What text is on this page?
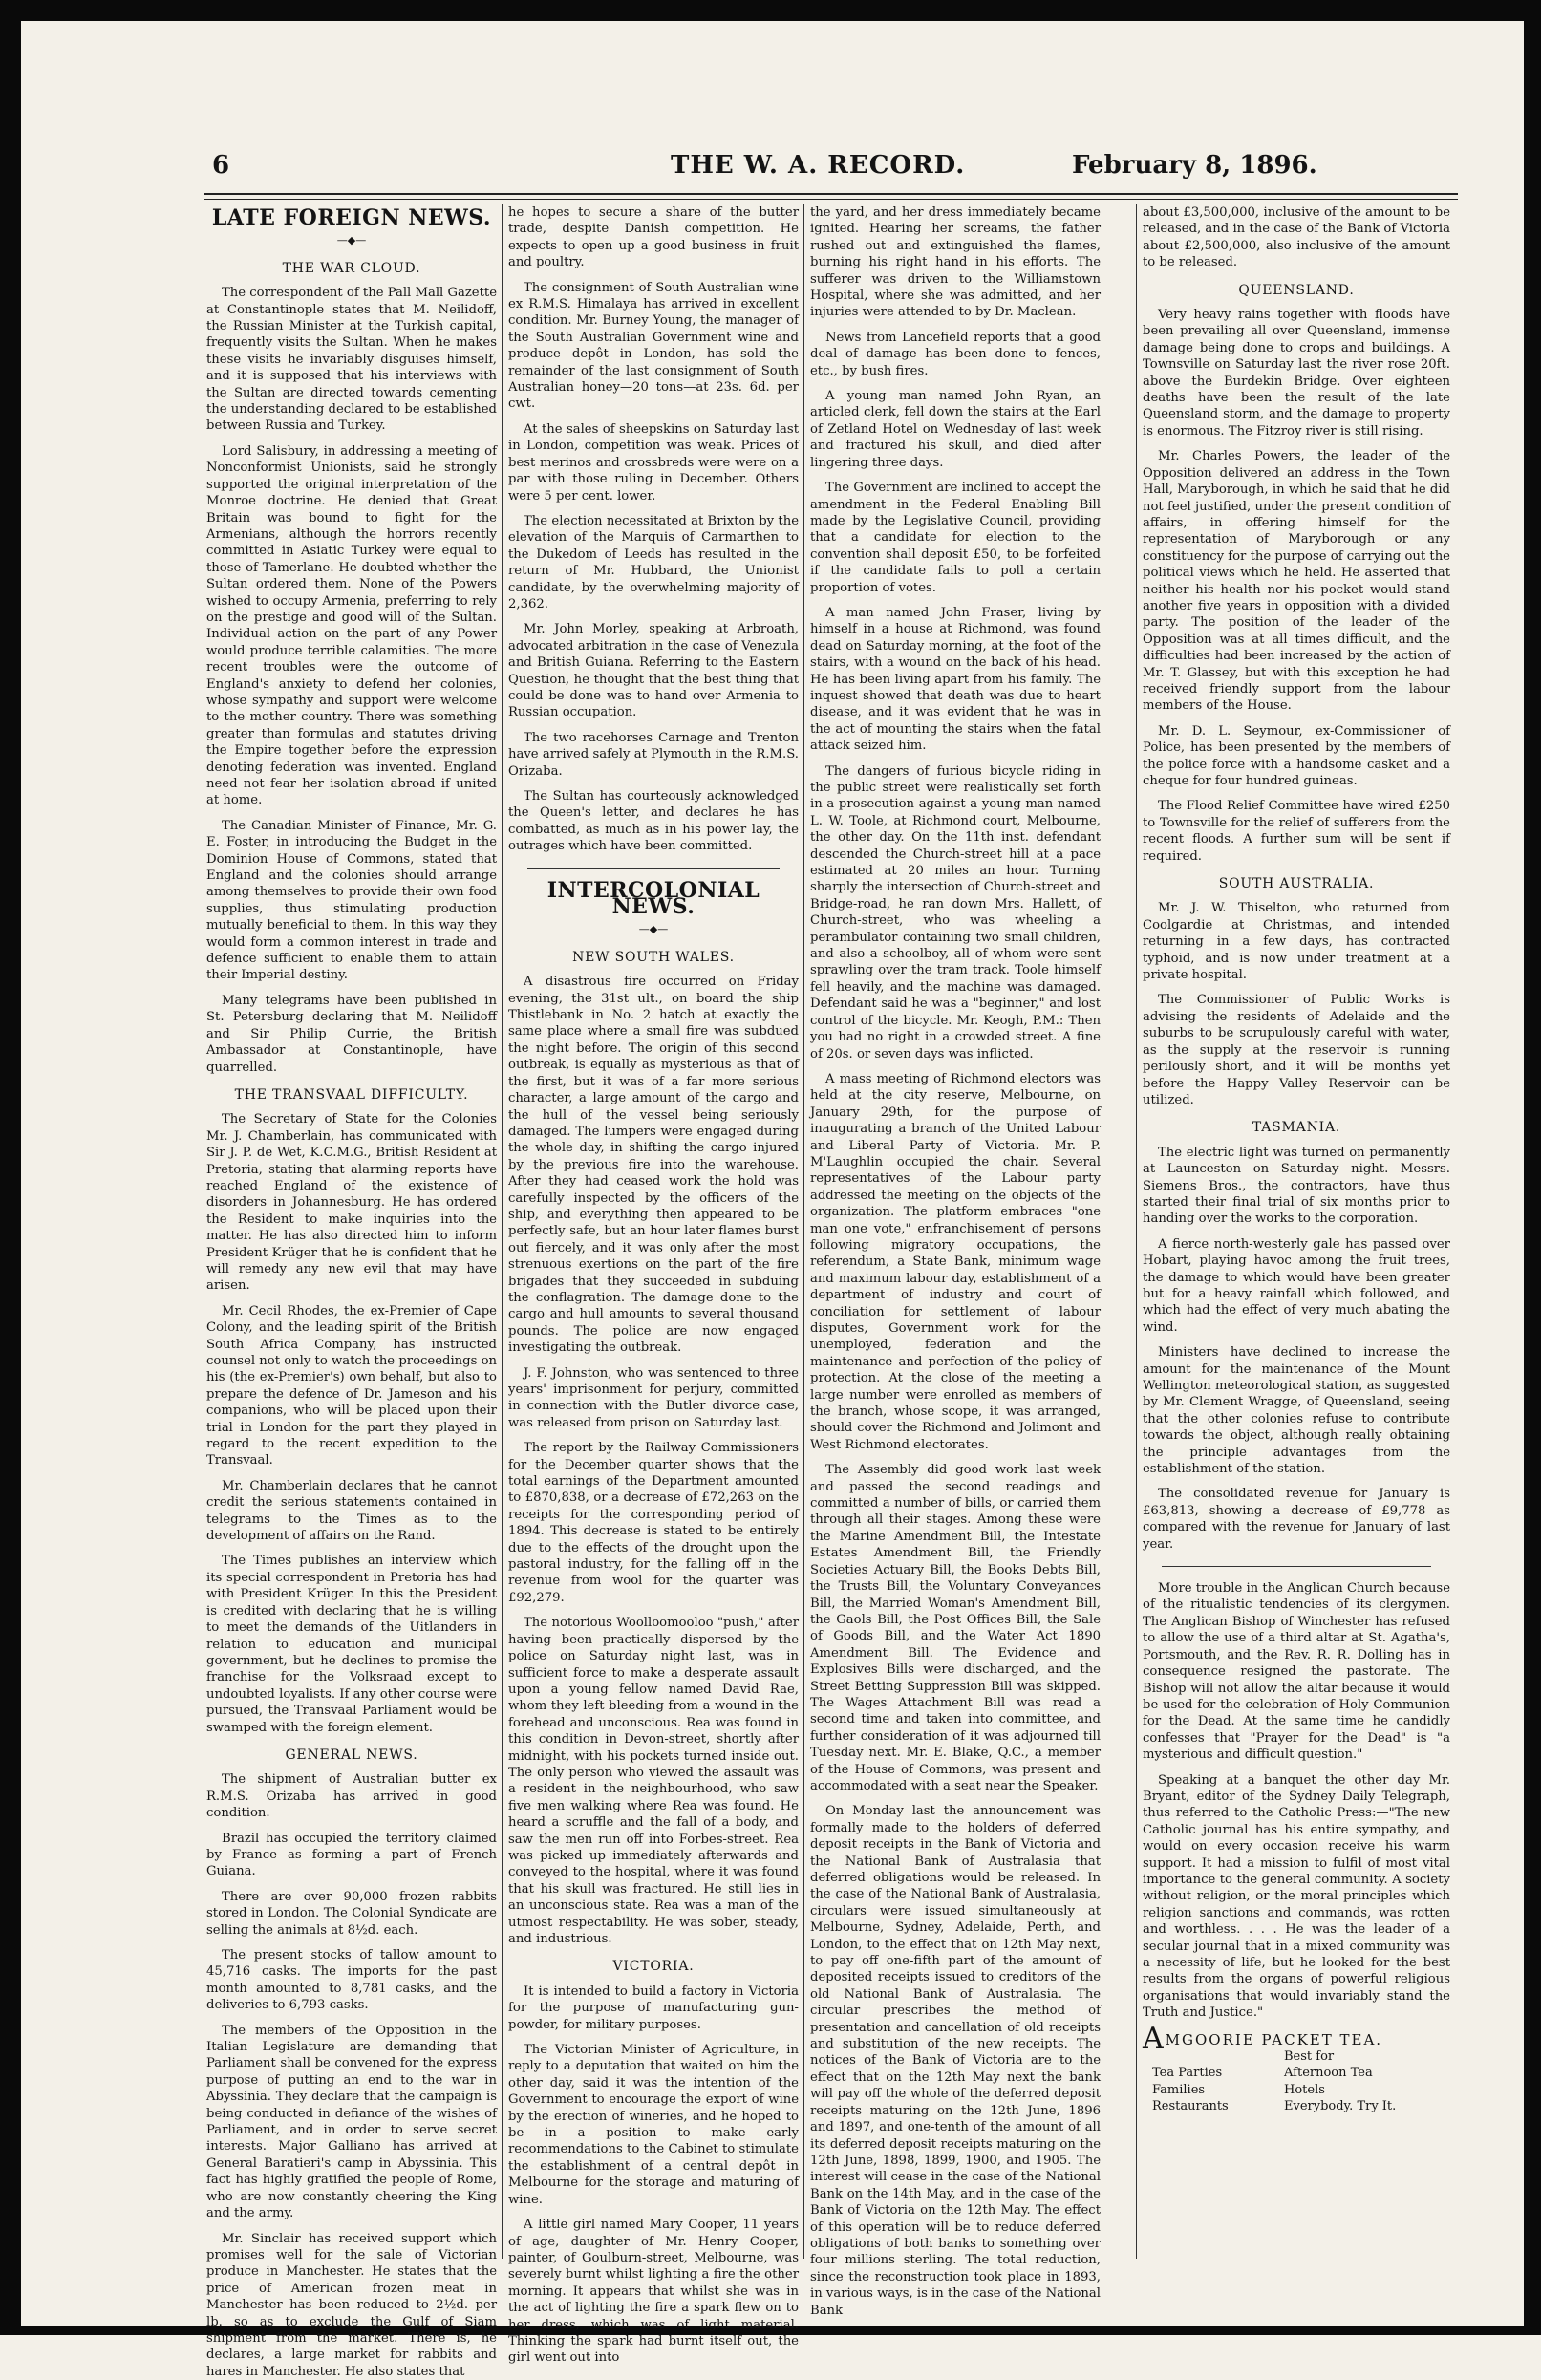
6	THE W. A. RECORD.	February 8, 1896.
LATE FOREIGN NEWS.
—◆—
THE WAR CLOUD.

The correspondent of the Pall Mall Gazette at Constantinople states that M. Neilidoff, the Russian Minister at the Turkish capital, frequently visits the Sultan. When he makes these visits he invariably disguises himself, and it is supposed that his interviews with the Sultan are directed towards cementing the understanding declared to be established between Russia and Turkey.

Lord Salisbury, in addressing a meeting of Nonconformist Unionists, said he strongly supported the original interpretation of the Monroe doctrine. He denied that Great Britain was bound to fight for the Armenians, although the horrors recently committed in Asiatic Turkey were equal to those of Tamerlane. He doubted whether the Sultan ordered them. None of the Powers wished to occupy Armenia, preferring to rely on the prestige and good will of the Sultan. Individual action on the part of any Power would produce terrible calamities. The more recent troubles were the outcome of England's anxiety to defend her colonies, whose sympathy and support were welcome to the mother country. There was something greater than formulas and statutes driving the Empire together before the expression denoting federation was invented. England need not fear her isolation abroad if united at home.

The Canadian Minister of Finance, Mr. G. E. Foster, in introducing the Budget in the Dominion House of Commons, stated that England and the colonies should arrange among themselves to provide their own food supplies, thus stimulating production mutually beneficial to them. In this way they would form a common interest in trade and defence sufficient to enable them to attain their Imperial destiny.

Many telegrams have been published in St. Petersburg declaring that M. Neilidoff and Sir Philip Currie, the British Ambassador at Constantinople, have quarrelled.

THE TRANSVAAL DIFFICULTY.

The Secretary of State for the Colonies Mr. J. Chamberlain, has communicated with Sir J. P. de Wet, K.C.M.G., British Resident at Pretoria, stating that alarming reports have reached England of the existence of disorders in Johannesburg. He has ordered the Resident to make inquiries into the matter. He has also directed him to inform President Krüger that he is confident that he will remedy any new evil that may have arisen.

Mr. Cecil Rhodes, the ex-Premier of Cape Colony, and the leading spirit of the British South Africa Company, has instructed counsel not only to watch the proceedings on his (the ex-Premier's) own behalf, but also to prepare the defence of Dr. Jameson and his companions, who will be placed upon their trial in London for the part they played in regard to the recent expedition to the Transvaal.

Mr. Chamberlain declares that he cannot credit the serious statements contained in telegrams to the Times as to the development of affairs on the Rand.

The Times publishes an interview which its special correspondent in Pretoria has had with President Krüger. In this the President is credited with declaring that he is willing to meet the demands of the Uitlanders in relation to education and municipal government, but he declines to promise the franchise for the Volksraad except to undoubted loyalists. If any other course were pursued, the Transvaal Parliament would be swamped with the foreign element.

GENERAL NEWS.

The shipment of Australian butter ex R.M.S. Orizaba has arrived in good condition.

Brazil has occupied the territory claimed by France as forming a part of French Guiana.

There are over 90,000 frozen rabbits stored in London. The Colonial Syndicate are selling the animals at 8½d. each.

The present stocks of tallow amount to 45,716 casks. The imports for the past month amounted to 8,781 casks, and the deliveries to 6,793 casks.

The members of the Opposition in the Italian Legislature are demanding that Parliament shall be convened for the express purpose of putting an end to the war in Abyssinia. They declare that the campaign is being conducted in defiance of the wishes of Parliament, and in order to serve secret interests. Major Galliano has arrived at General Baratieri's camp in Abyssinia. This fact has highly gratified the people of Rome, who are now constantly cheering the King and the army.

Mr. Sinclair has received support which promises well for the sale of Victorian produce in Manchester. He states that the price of American frozen meat in Manchester has been reduced to 2½d. per lb. so as to exclude the Gulf of Siam shipment from the market. There is, he declares, a large market for rabbits and hares in Manchester. He also states that

he hopes to secure a share of the butter trade, despite Danish competition. He expects to open up a good business in fruit and poultry.

The consignment of South Australian wine ex R.M.S. Himalaya has arrived in excellent condition. Mr. Burney Young, the manager of the South Australian Government wine and produce depôt in London, has sold the remainder of the last consignment of South Australian honey—20 tons—at 23s. 6d. per cwt.

At the sales of sheepskins on Saturday last in London, competition was weak. Prices of best merinos and crossbreds were were on a par with those ruling in December. Others were 5 per cent. lower.

The election necessitated at Brixton by the elevation of the Marquis of Carmarthen to the Dukedom of Leeds has resulted in the return of Mr. Hubbard, the Unionist candidate, by the overwhelming majority of 2,362.

Mr. John Morley, speaking at Arbroath, advocated arbitration in the case of Venezula and British Guiana. Referring to the Eastern Question, he thought that the best thing that could be done was to hand over Armenia to Russian occupation.

The two racehorses Carnage and Trenton have arrived safely at Plymouth in the R.M.S. Orizaba.

The Sultan has courteously acknowledged the Queen's letter, and declares he has combatted, as much as in his power lay, the outrages which have been committed.

INTERCOLONIAL NEWS.
—◆—
NEW SOUTH WALES.

A disastrous fire occurred on Friday evening, the 31st ult., on board the ship Thistlebank in No. 2 hatch at exactly the same place where a small fire was subdued the night before. The origin of this second outbreak, is equally as mysterious as that of the first, but it was of a far more serious character, a large amount of the cargo and the hull of the vessel being seriously damaged. The lumpers were engaged during the whole day, in shifting the cargo injured by the previous fire into the warehouse. After they had ceased work the hold was carefully inspected by the officers of the ship, and everything then appeared to be perfectly safe, but an hour later flames burst out fiercely, and it was only after the most strenuous exertions on the part of the fire brigades that they succeeded in subduing the conflagration. The damage done to the cargo and hull amounts to several thousand pounds. The police are now engaged investigating the outbreak.

J. F. Johnston, who was sentenced to three years' imprisonment for perjury, committed in connection with the Butler divorce case, was released from prison on Saturday last.

The report by the Railway Commissioners for the December quarter shows that the total earnings of the Department amounted to £870,838, or a decrease of £72,263 on the receipts for the corresponding period of 1894. This decrease is stated to be entirely due to the effects of the drought upon the pastoral industry, for the falling off in the revenue from wool for the quarter was £92,279.

The notorious Woolloomooloo "push," after having been practically dispersed by the police on Saturday night last, was in sufficient force to make a desperate assault upon a young fellow named David Rae, whom they left bleeding from a wound in the forehead and unconscious. Rea was found in this condition in Devon-street, shortly after midnight, with his pockets turned inside out. The only person who viewed the assault was a resident in the neighbourhood, who saw five men walking where Rea was found. He heard a scruffle and the fall of a body, and saw the men run off into Forbes-street. Rea was picked up immediately afterwards and conveyed to the hospital, where it was found that his skull was fractured. He still lies in an unconscious state. Rea was a man of the utmost respectability. He was sober, steady, and industrious.

VICTORIA.

It is intended to build a factory in Victoria for the purpose of manufacturing gun-powder, for military purposes.

The Victorian Minister of Agriculture, in reply to a deputation that waited on him the other day, said it was the intention of the Government to encourage the export of wine by the erection of wineries, and he hoped to be in a position to make early recommendations to the Cabinet to stimulate the establishment of a central depôt in Melbourne for the storage and maturing of wine.

A little girl named Mary Cooper, 11 years of age, daughter of Mr. Henry Cooper, painter, of Goulburn-street, Melbourne, was severely burnt whilst lighting a fire the other morning. It appears that whilst she was in the act of lighting the fire a spark flew on to her dress, which was of light material. Thinking the spark had burnt itself out, the girl went out into

the yard, and her dress immediately became ignited. Hearing her screams, the father rushed out and extinguished the flames, burning his right hand in his efforts. The sufferer was driven to the Williamstown Hospital, where she was admitted, and her injuries were attended to by Dr. Maclean.

News from Lancefield reports that a good deal of damage has been done to fences, etc., by bush fires.

A young man named John Ryan, an articled clerk, fell down the stairs at the Earl of Zetland Hotel on Wednesday of last week and fractured his skull, and died after lingering three days.

The Government are inclined to accept the amendment in the Federal Enabling Bill made by the Legislative Council, providing that a candidate for election to the convention shall deposit £50, to be forfeited if the candidate fails to poll a certain proportion of votes.

A man named John Fraser, living by himself in a house at Richmond, was found dead on Saturday morning, at the foot of the stairs, with a wound on the back of his head. He has been living apart from his family. The inquest showed that death was due to heart disease, and it was evident that he was in the act of mounting the stairs when the fatal attack seized him.

The dangers of furious bicycle riding in the public street were realistically set forth in a prosecution against a young man named L. W. Toole, at Richmond court, Melbourne, the other day. On the 11th inst. defendant descended the Church-street hill at a pace estimated at 20 miles an hour. Turning sharply the intersection of Church-street and Bridge-road, he ran down Mrs. Hallett, of Church-street, who was wheeling a perambulator containing two small children, and also a schoolboy, all of whom were sent sprawling over the tram track. Toole himself fell heavily, and the machine was damaged. Defendant said he was a "beginner," and lost control of the bicycle. Mr. Keogh, P.M.: Then you had no right in a crowded street. A fine of 20s. or seven days was inflicted.

A mass meeting of Richmond electors was held at the city reserve, Melbourne, on January 29th, for the purpose of inaugurating a branch of the United Labour and Liberal Party of Victoria. Mr. P. M'Laughlin occupied the chair. Several representatives of the Labour party addressed the meeting on the objects of the organization. The platform embraces "one man one vote," enfranchisement of persons following migratory occupations, the referendum, a State Bank, minimum wage and maximum labour day, establishment of a department of industry and court of conciliation for settlement of labour disputes, Government work for the unemployed, federation and the maintenance and perfection of the policy of protection. At the close of the meeting a large number were enrolled as members of the branch, whose scope, it was arranged, should cover the Richmond and Jolimont and West Richmond electorates.

The Assembly did good work last week and passed the second readings and committed a number of bills, or carried them through all their stages. Among these were the Marine Amendment Bill, the Intestate Estates Amendment Bill, the Friendly Societies Actuary Bill, the Books Debts Bill, the Trusts Bill, the Voluntary Conveyances Bill, the Married Woman's Amendment Bill, the Gaols Bill, the Post Offices Bill, the Sale of Goods Bill, and the Water Act 1890 Amendment Bill. The Evidence and Explosives Bills were discharged, and the Street Betting Suppression Bill was skipped. The Wages Attachment Bill was read a second time and taken into committee, and further consideration of it was adjourned till Tuesday next. Mr. E. Blake, Q.C., a member of the House of Commons, was present and accommodated with a seat near the Speaker.

On Monday last the announcement was formally made to the holders of deferred deposit receipts in the Bank of Victoria and the National Bank of Australasia that deferred obligations would be released. In the case of the National Bank of Australasia, circulars were issued simultaneously at Melbourne, Sydney, Adelaide, Perth, and London, to the effect that on 12th May next, to pay off one-fifth part of the amount of deposited receipts issued to creditors of the old National Bank of Australasia. The circular prescribes the method of presentation and cancellation of old receipts and substitution of the new receipts. The notices of the Bank of Victoria are to the effect that on the 12th May next the bank will pay off the whole of the deferred deposit receipts maturing on the 12th June, 1896 and 1897, and one-tenth of the amount of all its deferred deposit receipts maturing on the 12th June, 1898, 1899, 1900, and 1905. The interest will cease in the case of the National Bank on the 14th May, and in the case of the Bank of Victoria on the 12th May. The effect of this operation will be to reduce deferred obligations of both banks to something over four millions sterling. The total reduction, since the reconstruction took place in 1893, in various ways, is in the case of the National Bank

about £3,500,000, inclusive of the amount to be released, and in the case of the Bank of Victoria about £2,500,000, also inclusive of the amount to be released.

QUEENSLAND.

Very heavy rains together with floods have been prevailing all over Queensland, immense damage being done to crops and buildings. A Townsville on Saturday last the river rose 20ft. above the Burdekin Bridge. Over eighteen deaths have been the result of the late Queensland storm, and the damage to property is enormous. The Fitzroy river is still rising.

Mr. Charles Powers, the leader of the Opposition delivered an address in the Town Hall, Maryborough, in which he said that he did not feel justified, under the present condition of affairs, in offering himself for the representation of Maryborough or any constituency for the purpose of carrying out the political views which he held. He asserted that neither his health nor his pocket would stand another five years in opposition with a divided party. The position of the leader of the Opposition was at all times difficult, and the difficulties had been increased by the action of Mr. T. Glassey, but with this exception he had received friendly support from the labour members of the House.

Mr. D. L. Seymour, ex-Commissioner of Police, has been presented by the members of the police force with a handsome casket and a cheque for four hundred guineas.

The Flood Relief Committee have wired £250 to Townsville for the relief of sufferers from the recent floods. A further sum will be sent if required.

SOUTH AUSTRALIA.

Mr. J. W. Thiselton, who returned from Coolgardie at Christmas, and intended returning in a few days, has contracted typhoid, and is now under treatment at a private hospital.

The Commissioner of Public Works is advising the residents of Adelaide and the suburbs to be scrupulously careful with water, as the supply at the reservoir is running perilously short, and it will be months yet before the Happy Valley Reservoir can be utilized.

TASMANIA.

The electric light was turned on permanently at Launceston on Saturday night. Messrs. Siemens Bros., the contractors, have thus started their final trial of six months prior to handing over the works to the corporation.

A fierce north-westerly gale has passed over Hobart, playing havoc among the fruit trees, the damage to which would have been greater but for a heavy rainfall which followed, and which had the effect of very much abating the wind.

Ministers have declined to increase the amount for the maintenance of the Mount Wellington meteorological station, as suggested by Mr. Clement Wragge, of Queensland, seeing that the other colonies refuse to contribute towards the object, although really obtaining the principle advantages from the establishment of the station.

The consolidated revenue for January is £63,813, showing a decrease of £9,778 as compared with the revenue for January of last year.

More trouble in the Anglican Church because of the ritualistic tendencies of its clergymen. The Anglican Bishop of Winchester has refused to allow the use of a third altar at St. Agatha's, Portsmouth, and the Rev. R. R. Dolling has in consequence resigned the pastorate. The Bishop will not allow the altar because it would be used for the celebration of Holy Communion for the Dead. At the same time he candidly confesses that "Prayer for the Dead" is "a mysterious and difficult question."

Speaking at a banquet the other day Mr. Bryant, editor of the Sydney Daily Telegraph, thus referred to the Catholic Press:—"The new Catholic journal has his entire sympathy, and would on every occasion receive his warm support. It had a mission to fulfil of most vital importance to the general community. A society without religion, or the moral principles which religion sanctions and commands, was rotten and worthless. . . . He was the leader of a secular journal that in a mixed community was a necessity of life, but he looked for the best results from the organs of powerful religious organisations that would invariably stand the Truth and Justice."

AMGOORIE PACKET TEA.
Best for
Tea Parties	Afternoon Tea
Families	Hotels
Restaurants	Everybody. Try It.
